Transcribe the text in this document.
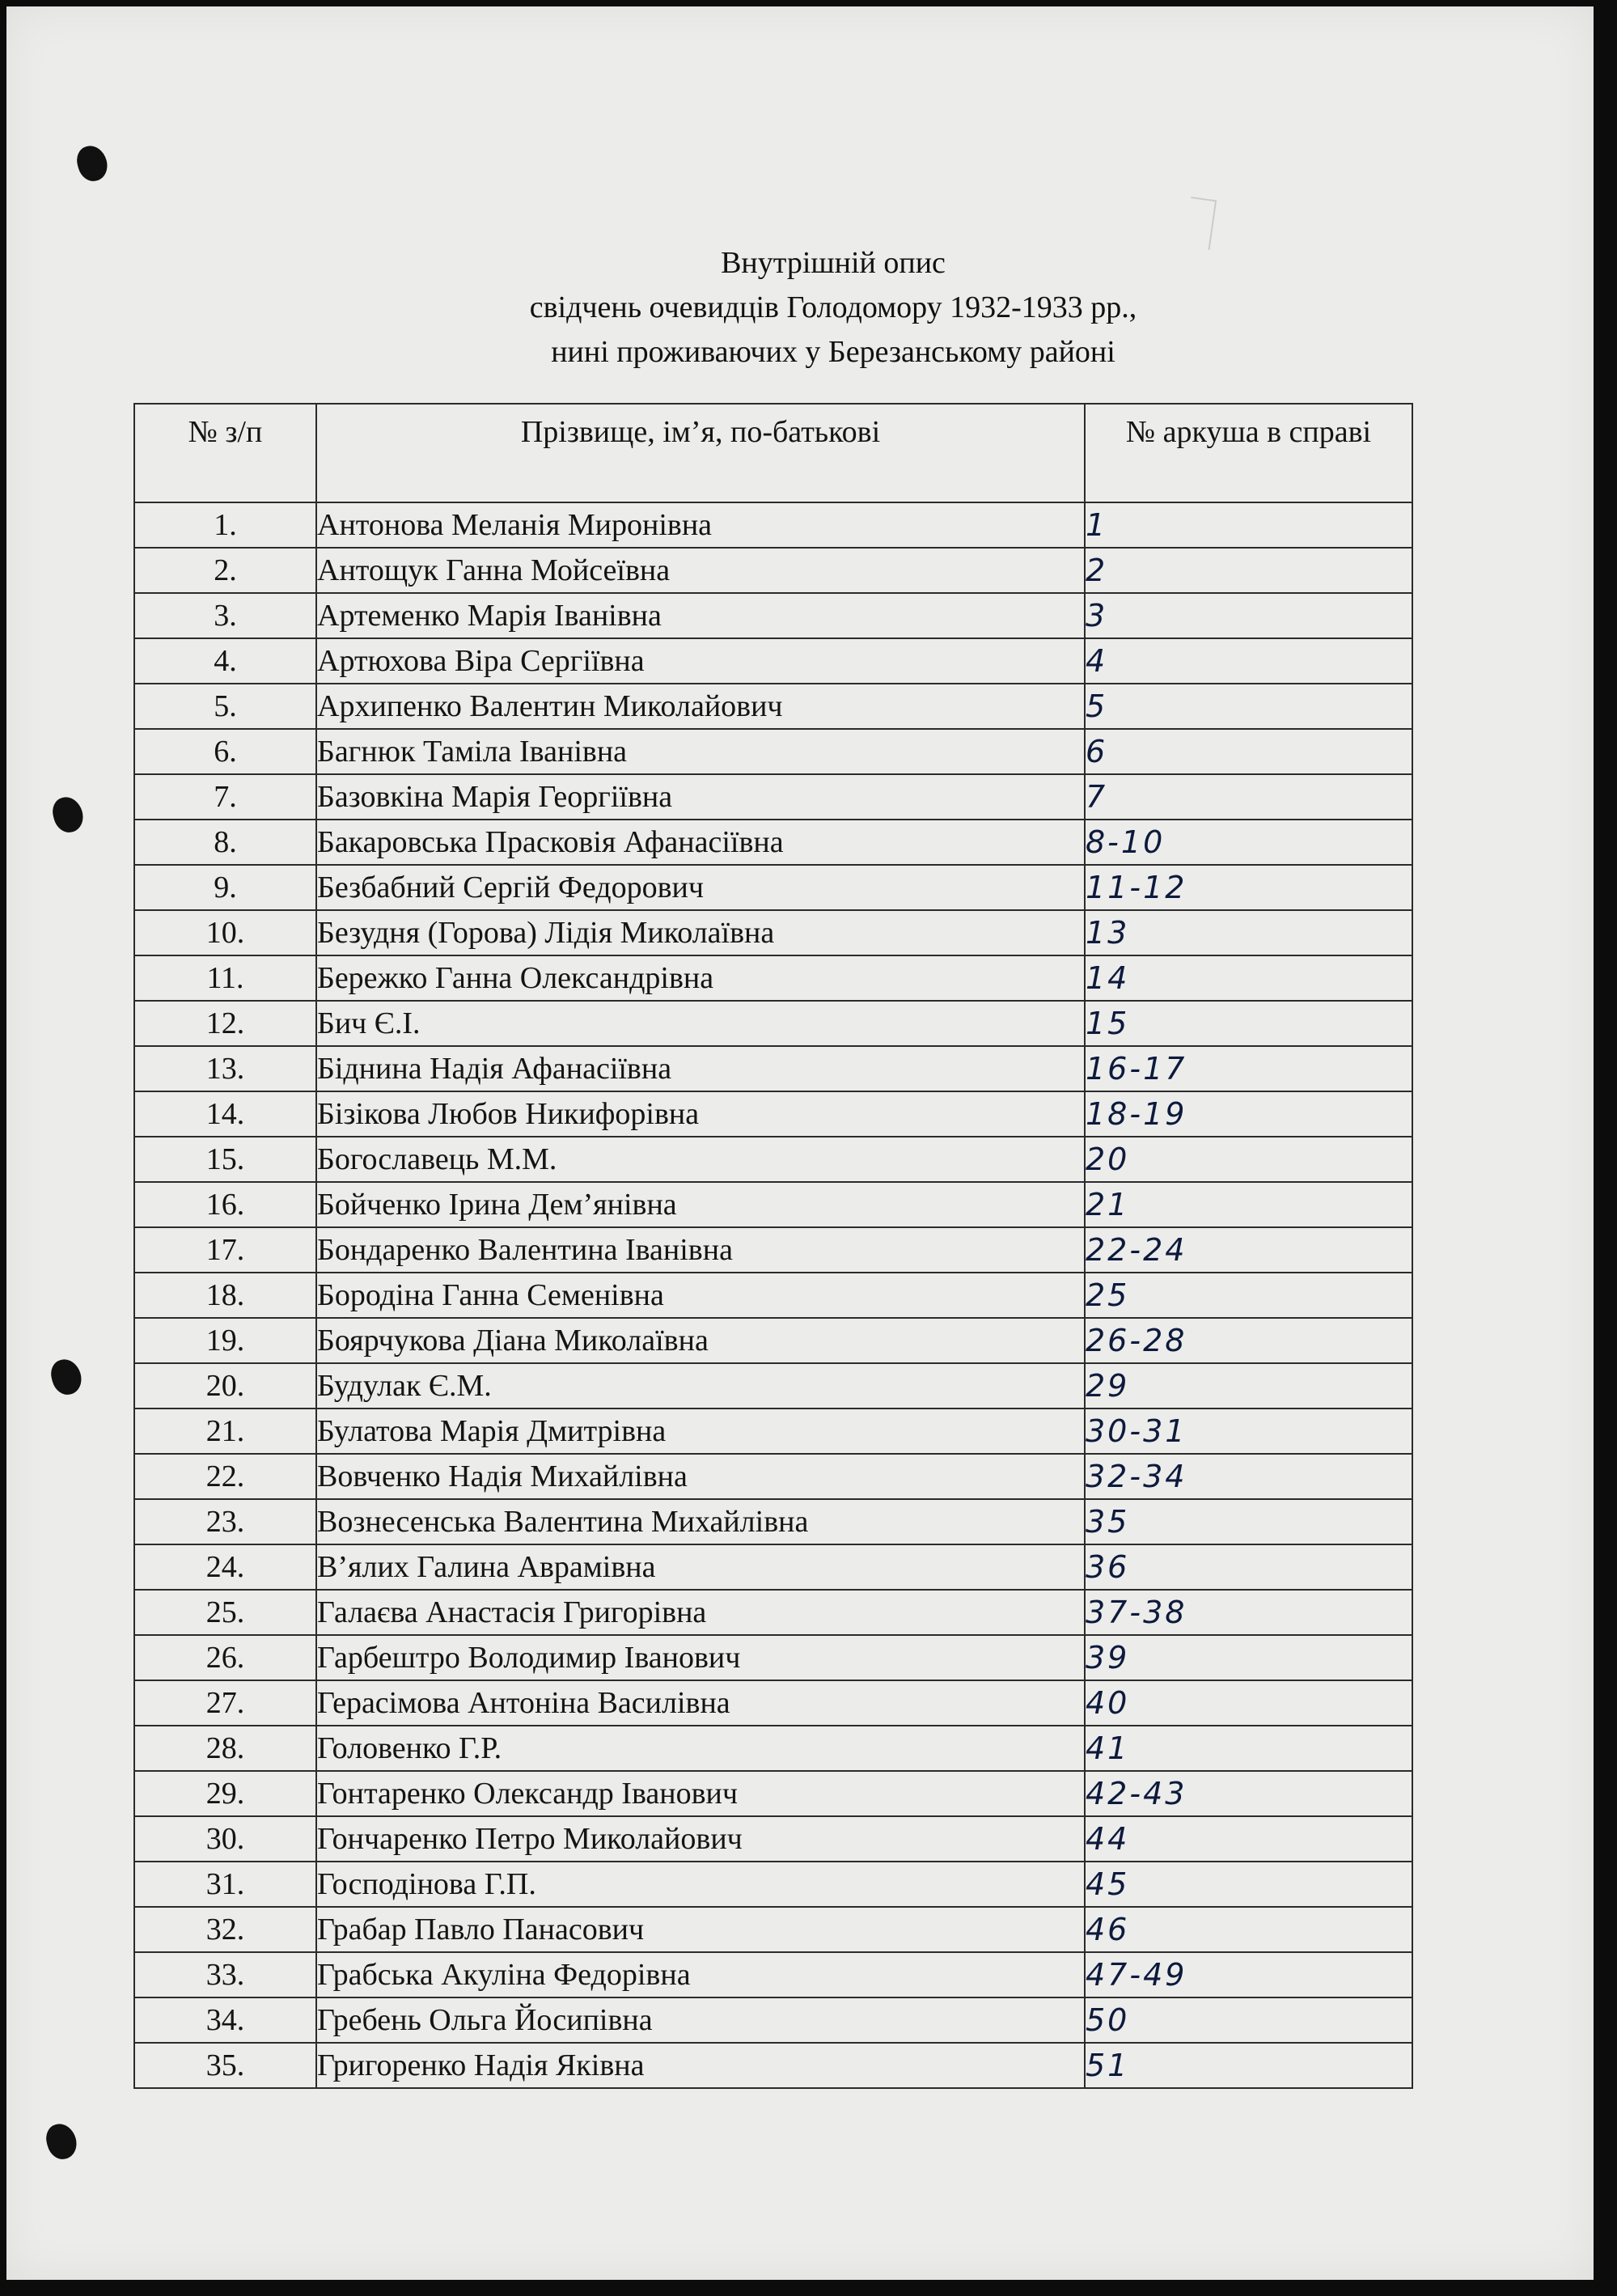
Внутрішній опис
свідчень очевидців Голодомору 1932-1933 рр.,
нині проживаючих у Березанському районі
№ з/п	Прізвище, ім’я, по-батькові	№ аркуша в справі
1.	Антонова Меланія Миронівна	1
2.	Антощук Ганна Мойсеївна	2
3.	Артеменко Марія Іванівна	3
4.	Артюхова Віра Сергіївна	4
5.	Архипенко Валентин Миколайович	5
6.	Багнюк Таміла Іванівна	6
7.	Базовкіна Марія Георгіївна	7
8.	Бакаровська Прасковія Афанасіївна	8-10
9.	Безбабний Сергій Федорович	11-12
10.	Безудня (Горова) Лідія Миколаївна	13
11.	Бережко Ганна Олександрівна	14
12.	Бич Є.І.	15
13.	Біднина Надія Афанасіївна	16-17
14.	Бізікова Любов Никифорівна	18-19
15.	Богославець М.М.	20
16.	Бойченко Ірина Дем’янівна	21
17.	Бондаренко Валентина Іванівна	22-24
18.	Бородіна Ганна Семенівна	25
19.	Боярчукова Діана Миколаївна	26-28
20.	Будулак Є.М.	29
21.	Булатова Марія Дмитрівна	30-31
22.	Вовченко Надія Михайлівна	32-34
23.	Вознесенська Валентина Михайлівна	35
24.	В’ялих Галина Аврамівна	36
25.	Галаєва Анастасія Григорівна	37-38
26.	Гарбештро Володимир Іванович	39
27.	Герасімова Антоніна Василівна	40
28.	Головенко Г.Р.	41
29.	Гонтаренко Олександр Іванович	42-43
30.	Гончаренко Петро Миколайович	44
31.	Господінова Г.П.	45
32.	Грабар Павло Панасович	46
33.	Грабська Акуліна Федорівна	47-49
34.	Гребень Ольга Йосипівна	50
35.	Григоренко Надія Яківна	51
